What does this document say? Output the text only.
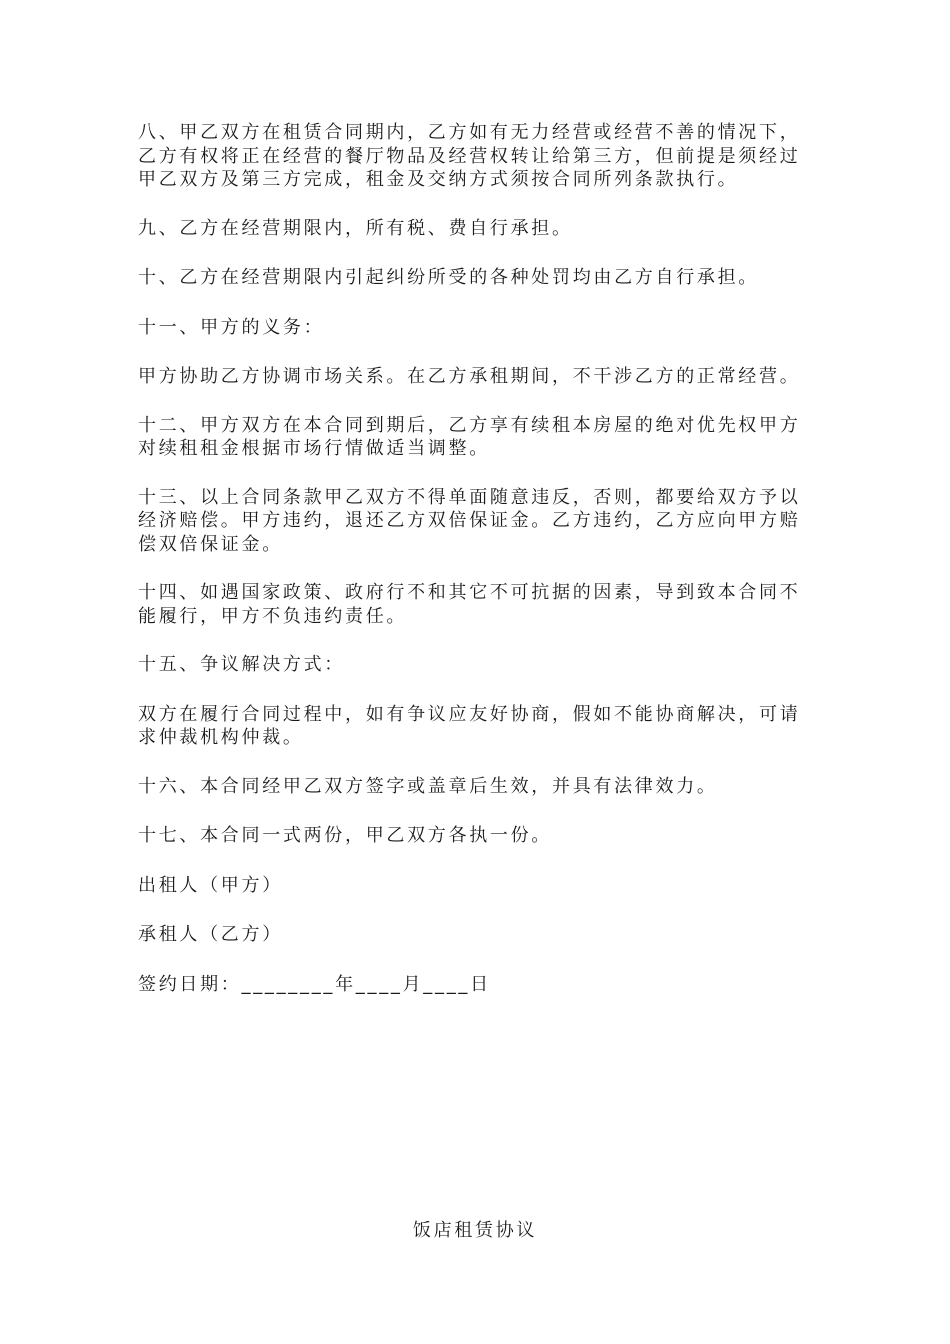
八、甲乙双方在租赁合同期内，乙方如有无力经营或经营不善的情况下，乙方有权将正在经营的餐厅物品及经营权转让给第三方，但前提是须经过甲乙双方及第三方完成，租金及交纳方式须按合同所列条款执行。

九、乙方在经营期限内，所有税、费自行承担。

十、乙方在经营期限内引起纠纷所受的各种处罚均由乙方自行承担。

十一、甲方的义务：

甲方协助乙方协调市场关系。在乙方承租期间，不干涉乙方的正常经营。

十二、甲方双方在本合同到期后，乙方享有续租本房屋的绝对优先权甲方对续租租金根据市场行情做适当调整。

十三、以上合同条款甲乙双方不得单面随意违反，否则，都要给双方予以经济赔偿。甲方违约，退还乙方双倍保证金。乙方违约，乙方应向甲方赔偿双倍保证金。

十四、如遇国家政策、政府行不和其它不可抗据的因素，导到致本合同不能履行，甲方不负违约责任。

十五、争议解决方式：

双方在履行合同过程中，如有争议应友好协商，假如不能协商解决，可请求仲裁机构仲裁。

十六、本合同经甲乙双方签字或盖章后生效，并具有法律效力。

十七、本合同一式两份，甲乙双方各执一份。

出租人（甲方）

承租人（乙方）

签约日期：________年____月____日

饭店租赁协议
